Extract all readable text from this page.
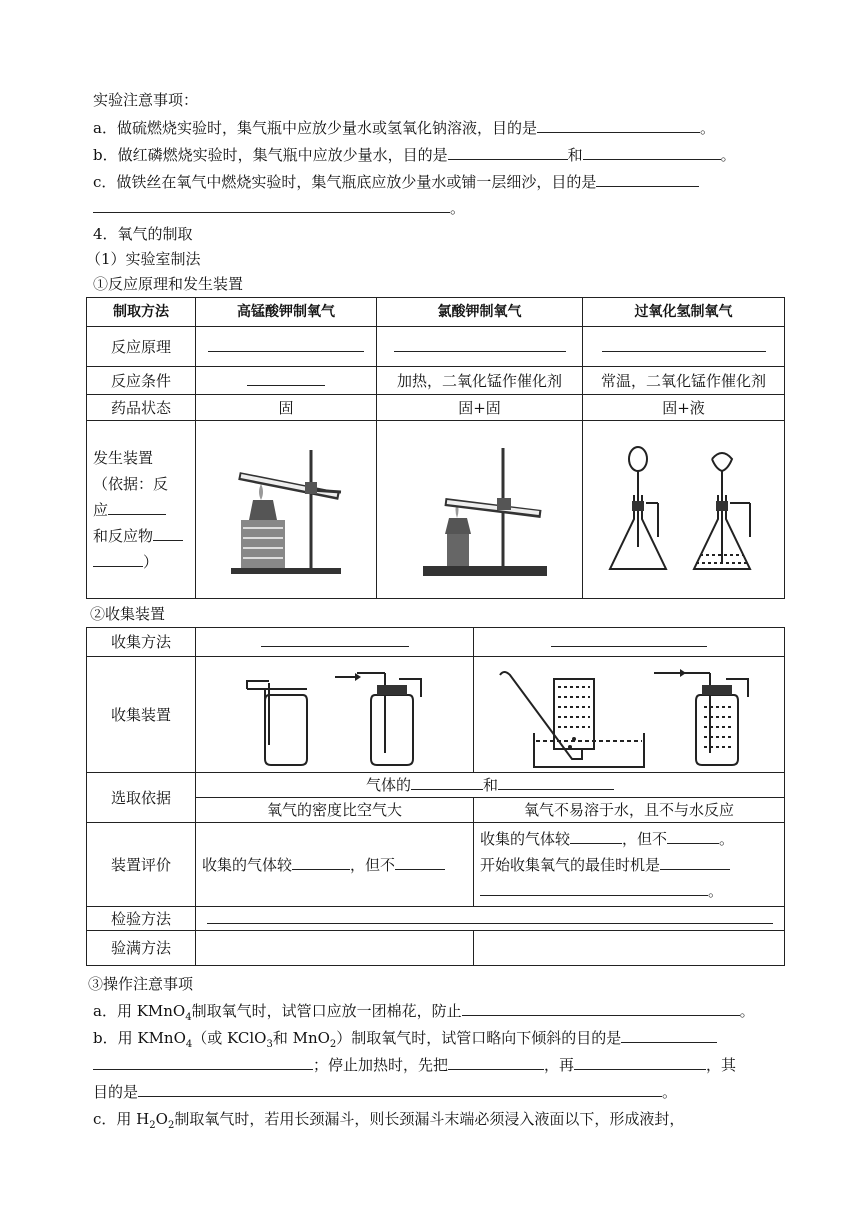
实验注意事项：
a．做硫燃烧实验时，集气瓶中应放少量水或氢氧化钠溶液，目的是	。
b．做红磷燃烧实验时，集气瓶中应放少量水，目的是	和	。
c．做铁丝在氧气中燃烧实验时，集气瓶底应放少量水或铺一层细沙，目的是
。
4．氧气的制取
（1）实验室制法
①反应原理和发生装置
制取方法	高锰酸钾制氧气	氯酸钾制氧气	过氧化氢制氧气
反应原理			
反应条件		加热，二氧化锰作催化剂	常温，二氧化锰作催化剂
药品状态	固	固+固	固+液

发生装置
（依据：反
应
和反应物
）

②收集装置
收集方法		
收集装置	

选取依据	气体的 和	
	氧气的密度比空气大	氧气不易溶于水，且不与水反应
装置评价	收集的气体较 ，但不	收集的气体较 ，但不 。
开始收集氧气的最佳时机是
。

检验方法		
验满方法		
③操作注意事项
a．用 KMnO$_4$制取氧气时，试管口应放一团棉花，防止	。
b．用 KMnO$_4$（或 KClO$_3$和 MnO$_2$）制取氧气时，试管口略向下倾斜的目的是
；停止加热时，先把	，再	，其
目的是	。
c．用 $H_2O_2$制取氧气时，若用长颈漏斗，则长颈漏斗末端必须浸入液面以下，形成液封，
